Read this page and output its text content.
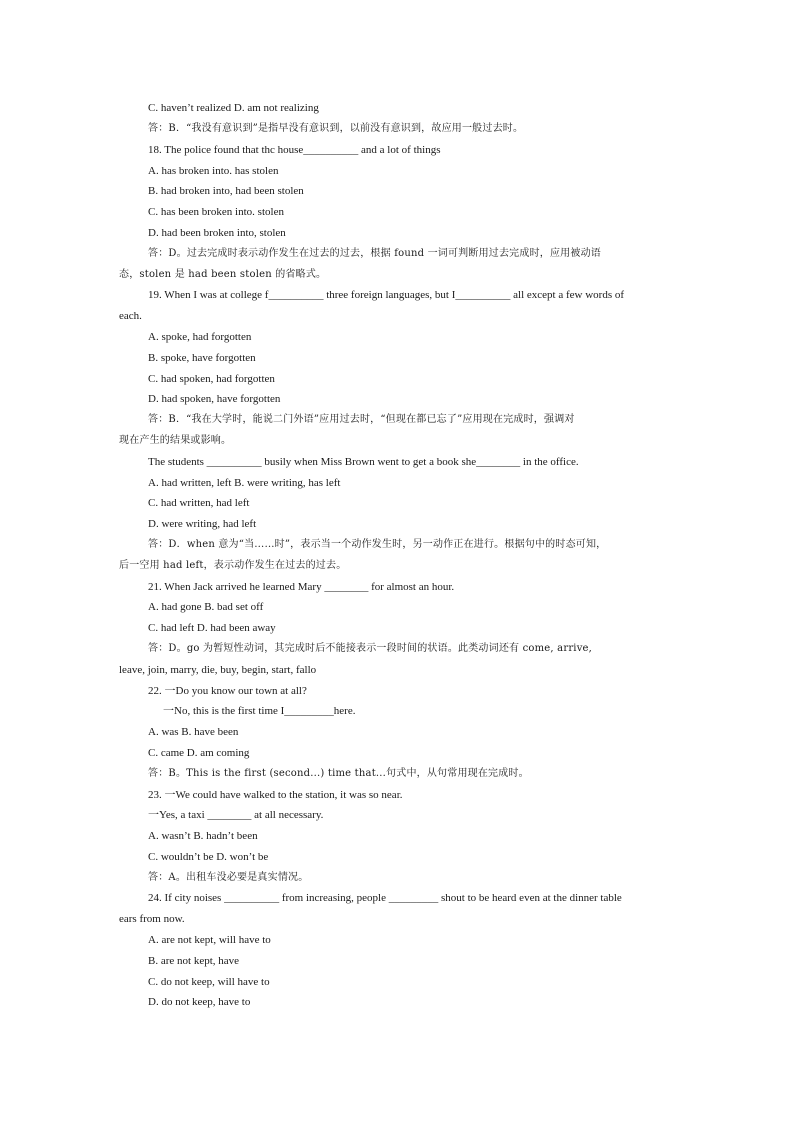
C. haven’t realized D. am not realizing
答：B．“我没有意识到”是指早没有意识到，以前没有意识到，故应用一般过去时。
18. The police found that thc house__________ and a lot of things
A. has broken into. has stolen
B. had broken into, had been stolen
C. has been broken into. stolen
D. had been broken into, stolen
答：D。过去完成时表示动作发生在过去的过去，根据 found 一词可判断用过去完成时，应用被动语
态，stolen 是 had been stolen 的省略式。
19. When I was at college f__________ three foreign languages, but I__________ all except a few words of
each.
A. spoke, had forgotten
B. spoke, have forgotten
C. had spoken, had forgotten
D. had spoken, have forgotten
答：B．“我在大学时，能说二门外语”应用过去时，“但现在都已忘了”应用现在完成时，强调对
现在产生的结果或影响。
The students __________ busily when Miss Brown went to get a book she________ in the office.
A. had written, left B. were writing, has left
C. had written, had left
D. were writing, had left
答：D．when 意为“当……时”，表示当一个动作发生时，另一动作正在进行。根据句中的时态可知，
后一空用 had left，表示动作发生在过去的过去。
21. When Jack arrived he learned Mary ________ for almost an hour.
A. had gone B. bad set off
C. had left D. had been away
答：D。go 为暂短性动词，其完成时后不能接表示一段时间的状语。此类动词还有 come, arrive,
leave, join, marry, die, buy, begin, start, fallo
22. 一Do you know our town at all?
一No, this is the first time I_________here.
A. was B. have been
C. came D. am coming
答：B。This is the first (second...) time that...句式中，从句常用现在完成时。
23. 一We could have walked to the station, it was so near.
一Yes, a taxi ________ at all necessary.
A. wasn’t B. hadn’t been
C. wouldn’t be D. won’t be
答：A。出租车没必要是真实情况。
24. If city noises __________ from increasing, people _________ shout to be heard even at the dinner table
ears from now.
A. are not kept, will have to
B. are not kept, have
C. do not keep, will have to
D. do not keep, have to
